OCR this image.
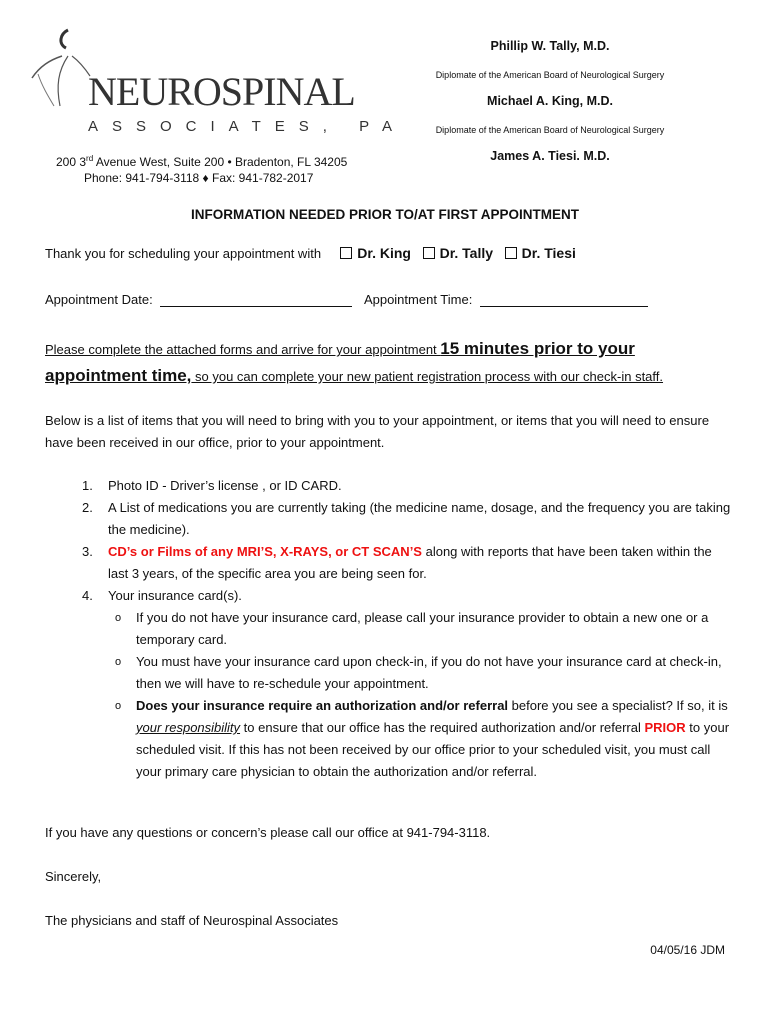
NEUROSPINAL
ASSOCIATES, PA
200 3rd Avenue West, Suite 200 • Bradenton, FL 34205
Phone: 941-794-3118 ♦ Fax: 941-782-2017
Phillip W. Tally, M.D.
Diplomate of the American Board of Neurological Surgery
Michael A. King, M.D.
Diplomate of the American Board of Neurological Surgery
James A. Tiesi. M.D.
INFORMATION NEEDED PRIOR TO/AT FIRST APPOINTMENT
Thank you for scheduling your appointment with	Dr. King Dr. Tally Dr. Tiesi
Appointment Date:	Appointment Time:
Please complete the attached forms and arrive for your appointment 15 minutes prior to your
appointment time, so you can complete your new patient registration process with our check-in staff.
Below is a list of items that you will need to bring with you to your appointment, or items that you will need to ensure have been received in our office, prior to your appointment.
1. Photo ID - Driver’s license , or ID CARD.
2. A List of medications you are currently taking (the medicine name, dosage, and the frequency you are taking the medicine).
3. CD’s or Films of any MRI’S, X-RAYS, or CT SCAN’S along with reports that have been taken within the last 3 years, of the specific area you are being seen for.
4. Your insurance card(s).
o If you do not have your insurance card, please call your insurance provider to obtain a new one or a temporary card.
o You must have your insurance card upon check-in, if you do not have your insurance card at check-in, then we will have to re-schedule your appointment.
o Does your insurance require an authorization and/or referral before you see a specialist? If so, it is your responsibility to ensure that our office has the required authorization and/or referral PRIOR to your scheduled visit. If this has not been received by our office prior to your scheduled visit, you must call your primary care physician to obtain the authorization and/or referral.
If you have any questions or concern’s please call our office at 941-794-3118.
Sincerely,
The physicians and staff of Neurospinal Associates
04/05/16 JDM
